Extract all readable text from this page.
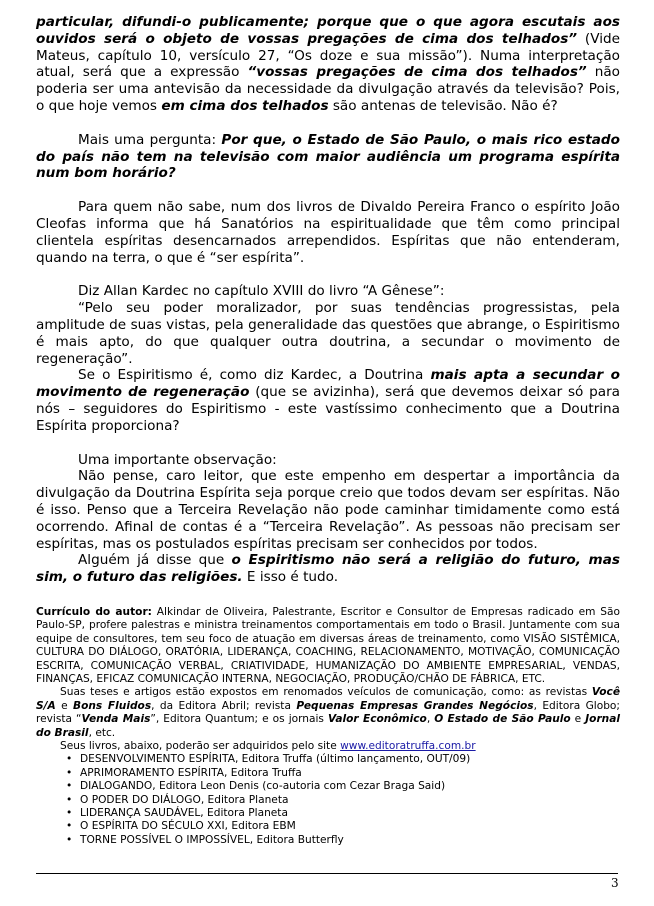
particular, difundi-o publicamente; porque que o que agora escutais aos ouvidos será o objeto de vossas pregações de cima dos telhados” (Vide Mateus, capítulo 10, versículo 27, “Os doze e sua missão”). Numa interpretação atual, será que a expressão “vossas pregações de cima dos telhados” não poderia ser uma antevisão da necessidade da divulgação através da televisão? Pois, o que hoje vemos em cima dos telhados são antenas de televisão. Não é?

Mais uma pergunta: Por que, o Estado de São Paulo, o mais rico estado do país não tem na televisão com maior audiência um programa espírita num bom horário?

Para quem não sabe, num dos livros de Divaldo Pereira Franco o espírito João Cleofas informa que há Sanatórios na espiritualidade que têm como principal clientela espíritas desencarnados arrependidos. Espíritas que não entenderam, quando na terra, o que é “ser espírita”.

Diz Allan Kardec no capítulo XVIII do livro “A Gênese”:

“Pelo seu poder moralizador, por suas tendências progressistas, pela amplitude de suas vistas, pela generalidade das questões que abrange, o Espiritismo é mais apto, do que qualquer outra doutrina, a secundar o movimento de regeneração”.

Se o Espiritismo é, como diz Kardec, a Doutrina mais apta a secundar o movimento de regeneração (que se avizinha), será que devemos deixar só para nós – seguidores do Espiritismo - este vastíssimo conhecimento que a Doutrina Espírita proporciona?

Uma importante observação:

Não pense, caro leitor, que este empenho em despertar a importância da divulgação da Doutrina Espírita seja porque creio que todos devam ser espíritas. Não é isso. Penso que a Terceira Revelação não pode caminhar timidamente como está ocorrendo. Afinal de contas é a “Terceira Revelação”. As pessoas não precisam ser espíritas, mas os postulados espíritas precisam ser conhecidos por todos.

Alguém já disse que o Espiritismo não será a religião do futuro, mas sim, o futuro das religiões. E isso é tudo.

Currículo do autor: Alkindar de Oliveira, Palestrante, Escritor e Consultor de Empresas radicado em São Paulo-SP, profere palestras e ministra treinamentos comportamentais em todo o Brasil. Juntamente com sua equipe de consultores, tem seu foco de atuação em diversas áreas de treinamento, como VISÃO SISTÊMICA, CULTURA DO DIÁLOGO, ORATÓRIA, LIDERANÇA, COACHING, RELACIONAMENTO, MOTIVAÇÃO, COMUNICAÇÃO ESCRITA, COMUNICAÇÃO VERBAL, CRIATIVIDADE, HUMANIZAÇÃO DO AMBIENTE EMPRESARIAL, VENDAS, FINANÇAS, EFICAZ COMUNICAÇÃO INTERNA, NEGOCIAÇÃO, PRODUÇÃO/CHÃO DE FÁBRICA, ETC.

Suas teses e artigos estão expostos em renomados veículos de comunicação, como: as revistas Você S/A e Bons Fluidos, da Editora Abril; revista Pequenas Empresas Grandes Negócios, Editora Globo; revista “Venda Mais”, Editora Quantum; e os jornais Valor Econômico, O Estado de São Paulo e Jornal do Brasil, etc.

Seus livros, abaixo, poderão ser adquiridos pelo site www.editoratruffa.com.br

• DESENVOLVIMENTO ESPÍRITA, Editora Truffa (último lançamento, OUT/09)
• APRIMORAMENTO ESPÍRITA, Editora Truffa
• DIALOGANDO, Editora Leon Denis (co-autoria com Cezar Braga Said)
• O PODER DO DIÁLOGO, Editora Planeta
• LIDERANÇA SAUDÁVEL, Editora Planeta
• O ESPÍRITA DO SÉCULO XXI, Editora EBM
• TORNE POSSÍVEL O IMPOSSÍVEL, Editora Butterfly
3
